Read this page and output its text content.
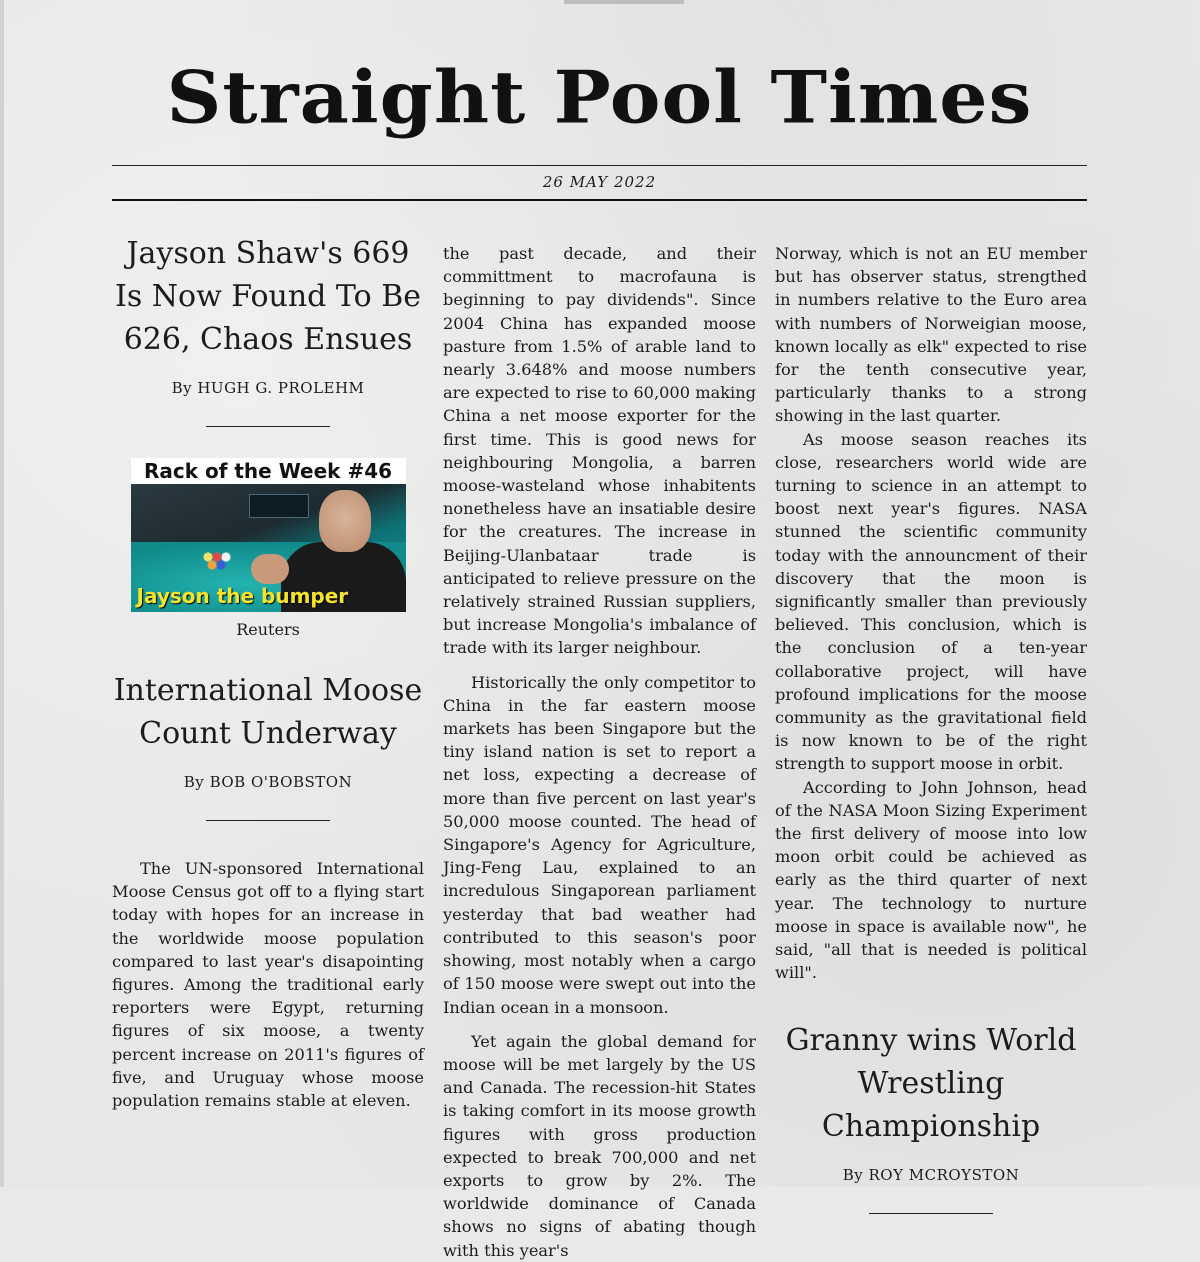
Straight Pool Times
26 MAY 2022
Jayson Shaw's 669 Is Now Found To Be 626, Chaos Ensues
By HUGH G. PROLEHM
Rack of the Week #46
Jayson the bumper
Reuters
International Moose Count Underway
By BOB O'BOBSTON

The UN-sponsored International Moose Census got off to a flying start today with hopes for an increase in the worldwide moose population compared to last year's disapointing figures. Among the traditional early reporters were Egypt, returning figures of six moose, a twenty percent increase on 2011's figures of five, and Uruguay whose moose population remains stable at eleven.

the past decade, and their committment to macrofauna is beginning to pay dividends". Since 2004 China has expanded moose pasture from 1.5% of arable land to nearly 3.648% and moose numbers are expected to rise to 60,000 making China a net moose exporter for the first time. This is good news for neighbouring Mongolia, a barren moose-wasteland whose inhabitents nonetheless have an insatiable desire for the creatures. The increase in Beijing-Ulanbataar trade is anticipated to relieve pressure on the relatively strained Russian suppliers, but increase Mongolia's imbalance of trade with its larger neighbour.

Historically the only competitor to China in the far eastern moose markets has been Singapore but the tiny island nation is set to report a net loss, expecting a decrease of more than five percent on last year's 50,000 moose counted. The head of Singapore's Agency for Agriculture, Jing-Feng Lau, explained to an incredulous Singaporean parliament yesterday that bad weather had contributed to this season's poor showing, most notably when a cargo of 150 moose were swept out into the Indian ocean in a monsoon.

Yet again the global demand for moose will be met largely by the US and Canada. The recession-hit States is taking comfort in its moose growth figures with gross production expected to break 700,000 and net exports to grow by 2%. The worldwide dominance of Canada shows no signs of abating though with this year's

Norway, which is not an EU member but has observer status, strengthed in numbers relative to the Euro area with numbers of Norweigian moose, known locally as elk" expected to rise for the tenth consecutive year, particularly thanks to a strong showing in the last quarter.

As moose season reaches its close, researchers world wide are turning to science in an attempt to boost next year's figures. NASA stunned the scientific community today with the announcment of their discovery that the moon is significantly smaller than previously believed. This conclusion, which is the conclusion of a ten-year collaborative project, will have profound implications for the moose community as the gravitational field is now known to be of the right strength to support moose in orbit.

According to John Johnson, head of the NASA Moon Sizing Experiment the first delivery of moose into low moon orbit could be achieved as early as the third quarter of next year. The technology to nurture moose in space is available now", he said, "all that is needed is political will".

Granny wins World Wrestling Championship
By ROY MCROYSTON
